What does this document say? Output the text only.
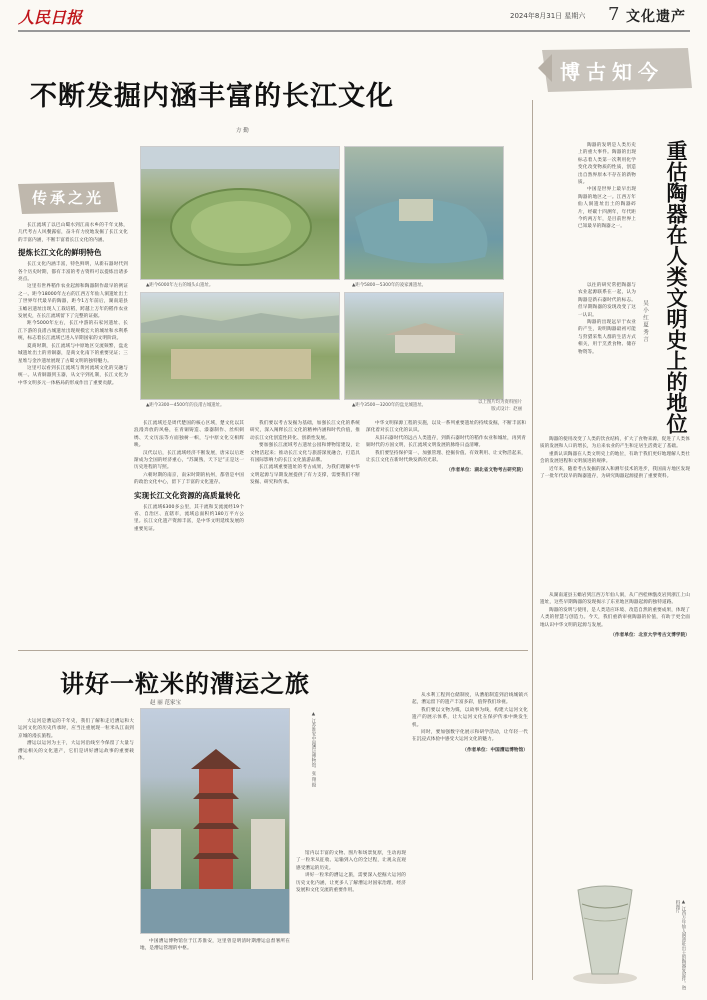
人民日报	2024年8月31日 星期六 7 文化遗产
博古知今
不断发掘内涵丰富的长江文化
方 勤
传承之光
▲距今6000年左右的城头山遗址。	▲距今5800—5300年的凌家滩遗址。
▲距今3300—4500年的良渚古城遗址。	▲距今3500—3200年的盘龙城遗址。
以上图片均为资料图片
版式设计：赵丽

长江流域了以巴山蜀水到江南水乡的千年文脉，几代考古人风餐露宿，奋斗有力度地发掘了长江文化的丰富内涵，不断丰富着长江文化的内涵。

提炼长江文化的鲜明特色

长江文化内涵丰富，特色鲜明，从新石器时代到各个历史时期，都有丰富的考古资料可以提炼出诸多亮点。

这里有世界稻作农业起源和陶器制作最早的例证之一。距今18000年左右的江西万年仙人洞遗址出土了世界年代最早的陶器，距今1万年前后，湖南道县玉蟾岩遗址出现人工栽培稻，跨越上万年的稻作农业发展史，在长江流域留下了完整的证据。

距今5000年左右，长江中游的石家河遗址、长江下游的良渚古城遗址出现规模宏大的城址和水利系统，标志着长江流域已进入早期国家的文明阶段。

夏商时期，长江流域与中原地区交流频繁，盘龙城遗址出土的青铜器，是商文化南下的重要见证；三星堆与金沙遗址展现了古蜀文明的独特魅力。

这里可以看到长江流域与黄河流域文化的交融与统一。从青铜器到玉器，从文字到礼制，长江文化为中华文明多元一体格局的形成作出了重要贡献。

长江流域还是周代楚国的核心区域，楚文化以其浪漫奔放的风格，在青铜铸造、漆器制作、丝织刺绣、天文历法等方面独树一帜，与中原文化交相辉映。

汉代以后，长江流域经济不断发展，唐宋以后逐渐成为全国的经济重心，“苏湖熟，天下足”正是这一历史进程的写照。

六朝时期的南京，南宋时期的杭州，都曾是中国的政治文化中心，留下了丰富的文化遗存。

实现长江文化资源的高质量转化

长江流域6300多公里，其干流和支流流经19个省、自治区、直辖市，流域总面积约180万平方公里。长江文化遗产资源丰富，是中华文明延续发展的重要见证。

我们要以考古发掘为基础，加强长江文化的系统研究，深入阐释长江文化的精神内涵和时代价值，推动长江文化创造性转化、创新性发展。

要加强长江流域考古遗址公园和博物馆建设，让文物活起来；推动长江文化与旅游深度融合，打造具有国际影响力的长江文化旅游品牌。

长江流域重要遗址的考古成果，为我们理解中华文明起源与早期发展提供了有力支撑，需要我们不断发掘、研究和传承。

中华文明探源工程的实施，以及一系列重要遗址的持续发掘，不断丰富和深化着对长江文化的认识。

从旧石器时代的远古人类遗存，到新石器时代的稻作农业和城址，再到青铜时代的方国文明，长江流域文明发展的脉络日益清晰。

我们要坚持保护第一、加强管理、挖掘价值、有效利用、让文物活起来，让长江文化在新时代焕发新的光彩。

（作者单位：湖北省文物考古研究院）
重估陶器在人类文明史上的地位
吴 小 红 夏 秀 言

陶器的发明是人类历史上的重大事件。陶器的出现标志着人类第一次利用化学变化改变物质的性质，创造出自然界原本不存在的新物质。

中国是世界上最早出现陶器的地区之一。江西万年仙人洞遗址出土的陶器碎片，经碳十四测年，年代距今约两万年，是目前世界上已知最早的陶器之一。

以往的研究常把陶器与农业起源联系在一起，认为陶器是新石器时代的标志。但早期陶器的发现改变了这一认识。

陶器的出现远早于农业的产生，说明陶器最初可能与狩猎采集人群的生活方式相关，用于烹煮食物、储存物资等。

陶器的使用改变了人类的饮食结构，扩大了食物来源，促进了人类体质的发展和人口的增长，为后来农业的产生和定居生活奠定了基础。

重新认识陶器在人类文明史上的地位，有助于我们更好地理解人类社会的发展进程和文明演进的规律。

近年来，随着考古发掘的深入和测年技术的进步，我国南方地区发现了一批年代较早的陶器遗存，为研究陶器起源提供了重要资料。

从湖南道县玉蟾岩到江西万年仙人洞，从广西桂林甑皮岩到浙江上山遗址，这些早期陶器的发现揭示了东亚地区陶器起源的独特道路。

陶器的发明与使用，是人类适应环境、改造自然的重要成果，体现了人类的智慧与创造力。今天，我们重新审视陶器的价值，有助于更全面地认识中华文明的起源与发展。

（作者单位：北京大学考古文博学院）
▲ 江西万年仙人洞遗址出土的陶器复原件。资料图片
讲好一粒米的漕运之旅
赵 丽 范家宝

大运河是漕运的千年史，我们了解和走近漕运和大运河文化的历史传承时，应当注重展现一粒米从江南到京城的漫长旅程。

漕运以运河为主干，大运河沿线至今保留了大量与漕运相关的文化遗产，它们是讲好漕运故事的重要载体。	▲ 江苏淮安中国漕运博物馆。张 翔 摄

中国漕运博物馆位于江苏淮安，这里曾是明清时期漕运总督署所在地，是漕运管理的中枢。

馆内以丰富的文物、图片和场景复原，生动再现了一粒米从征收、运输到入仓的全过程，让观众直观感受漕运的历史。

讲好一粒米的漕运之旅，需要深入挖掘大运河的历史文化内涵，让更多人了解漕运对国家治理、经济发展和文化交流的重要作用。

从水利工程到仓储制度，从漕船制造到沿线城镇兴起，漕运留下的遗产丰富多彩，值得我们珍视。

我们要以文物为媒，以故事为线，构建大运河文化遗产的展示体系，让大运河文化在保护传承中焕发生机。

同时，要加强数字化展示和研学活动，让年轻一代在沉浸式体验中感受大运河文化的魅力。

（作者单位：中国漕运博物馆）
